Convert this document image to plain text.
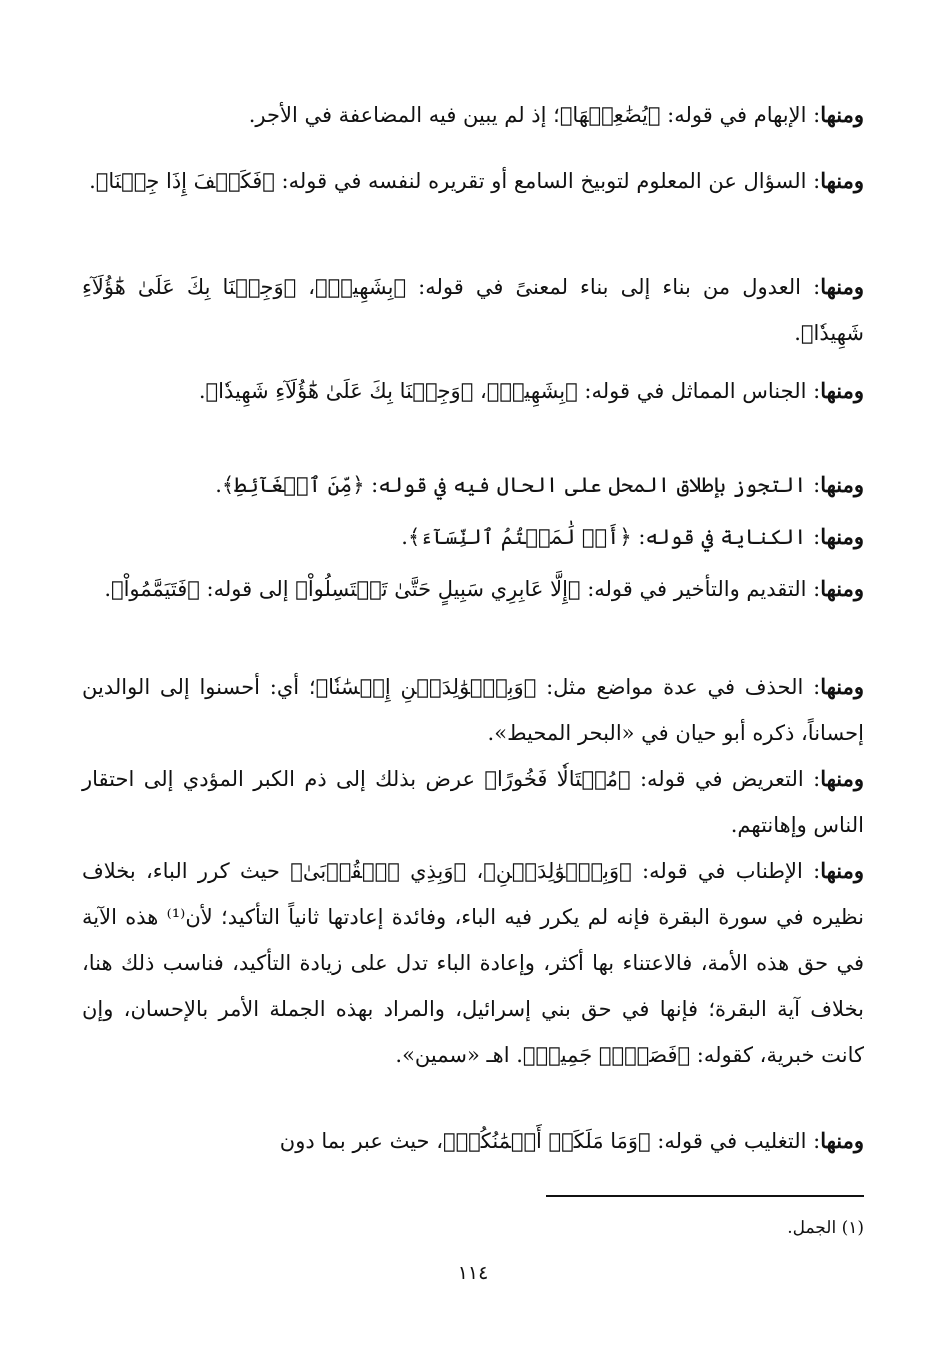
ومنها: الإبهام في قوله: ﴿يُضَٰعِفۡهَا﴾؛ إذ لم يبين فيه المضاعفة في الأجر.

ومنها: السؤال عن المعلوم لتوبيخ السامع أو تقريره لنفسه في قوله: ﴿فَكَيۡفَ إِذَا جِئۡنَا﴾.

ومنها: العدول من بناء إلى بناء لمعنىً في قوله: ﴿بِشَهِيدٖ﴾، ﴿وَجِئۡنَا بِكَ عَلَىٰ هَٰٓؤُلَآءِ شَهِيدٗا﴾.

ومنها: الجناس المماثل في قوله: ﴿بِشَهِيدٖ﴾، ﴿وَجِئۡنَا بِكَ عَلَىٰ هَٰٓؤُلَآءِ شَهِيدٗا﴾.

ومنها: التجوز بإطلاق المحل على الحال فيه في قوله: ﴿مِّنَ ٱلۡغَآئِطِ﴾.

ومنها: الكناية في قوله: ﴿أَوۡ لَٰمَسۡتُمُ ٱلنِّسَآءَ﴾.

ومنها: التقديم والتأخير في قوله: ﴿إِلَّا عَابِرِي سَبِيلٍ حَتَّىٰ تَغۡتَسِلُواْ﴾ إلى قوله: ﴿فَتَيَمَّمُواْ﴾.

ومنها: الحذف في عدة مواضع مثل: ﴿وَبِٱلۡوَٰلِدَيۡنِ إِحۡسَٰنٗا﴾؛ أي: أحسنوا إلى الوالدين إحساناً، ذكره أبو حيان في «البحر المحيط».

ومنها: التعريض في قوله: ﴿مُخۡتَالٗا فَخُورًا﴾ عرض بذلك إلى ذم الكبر المؤدي إلى احتقار الناس وإهانتهم.

ومنها: الإطناب في قوله: ﴿وَبِٱلۡوَٰلِدَيۡنِ﴾، ﴿وَبِذِي ٱلۡقُرۡبَىٰ﴾ حيث كرر الباء، بخلاف نظيره في سورة البقرة فإنه لم يكرر فيه الباء، وفائدة إعادتها ثانياً التأكيد؛ لأن⁽¹⁾ هذه الآية في حق هذه الأمة، فالاعتناء بها أكثر، وإعادة الباء تدل على زيادة التأكيد، فناسب ذلك هنا، بخلاف آية البقرة؛ فإنها في حق بني إسرائيل، والمراد بهذه الجملة الأمر بالإحسان، وإن كانت خبرية، كقوله: ﴿فَصَبۡرٞ جَمِيلٞ﴾. اهـ «سمين».

ومنها: التغليب في قوله: ﴿وَمَا مَلَكَتۡ أَيۡمَٰنُكُمۡ﴾، حيث عبر بما دون

(١) الجمل.
١١٤
